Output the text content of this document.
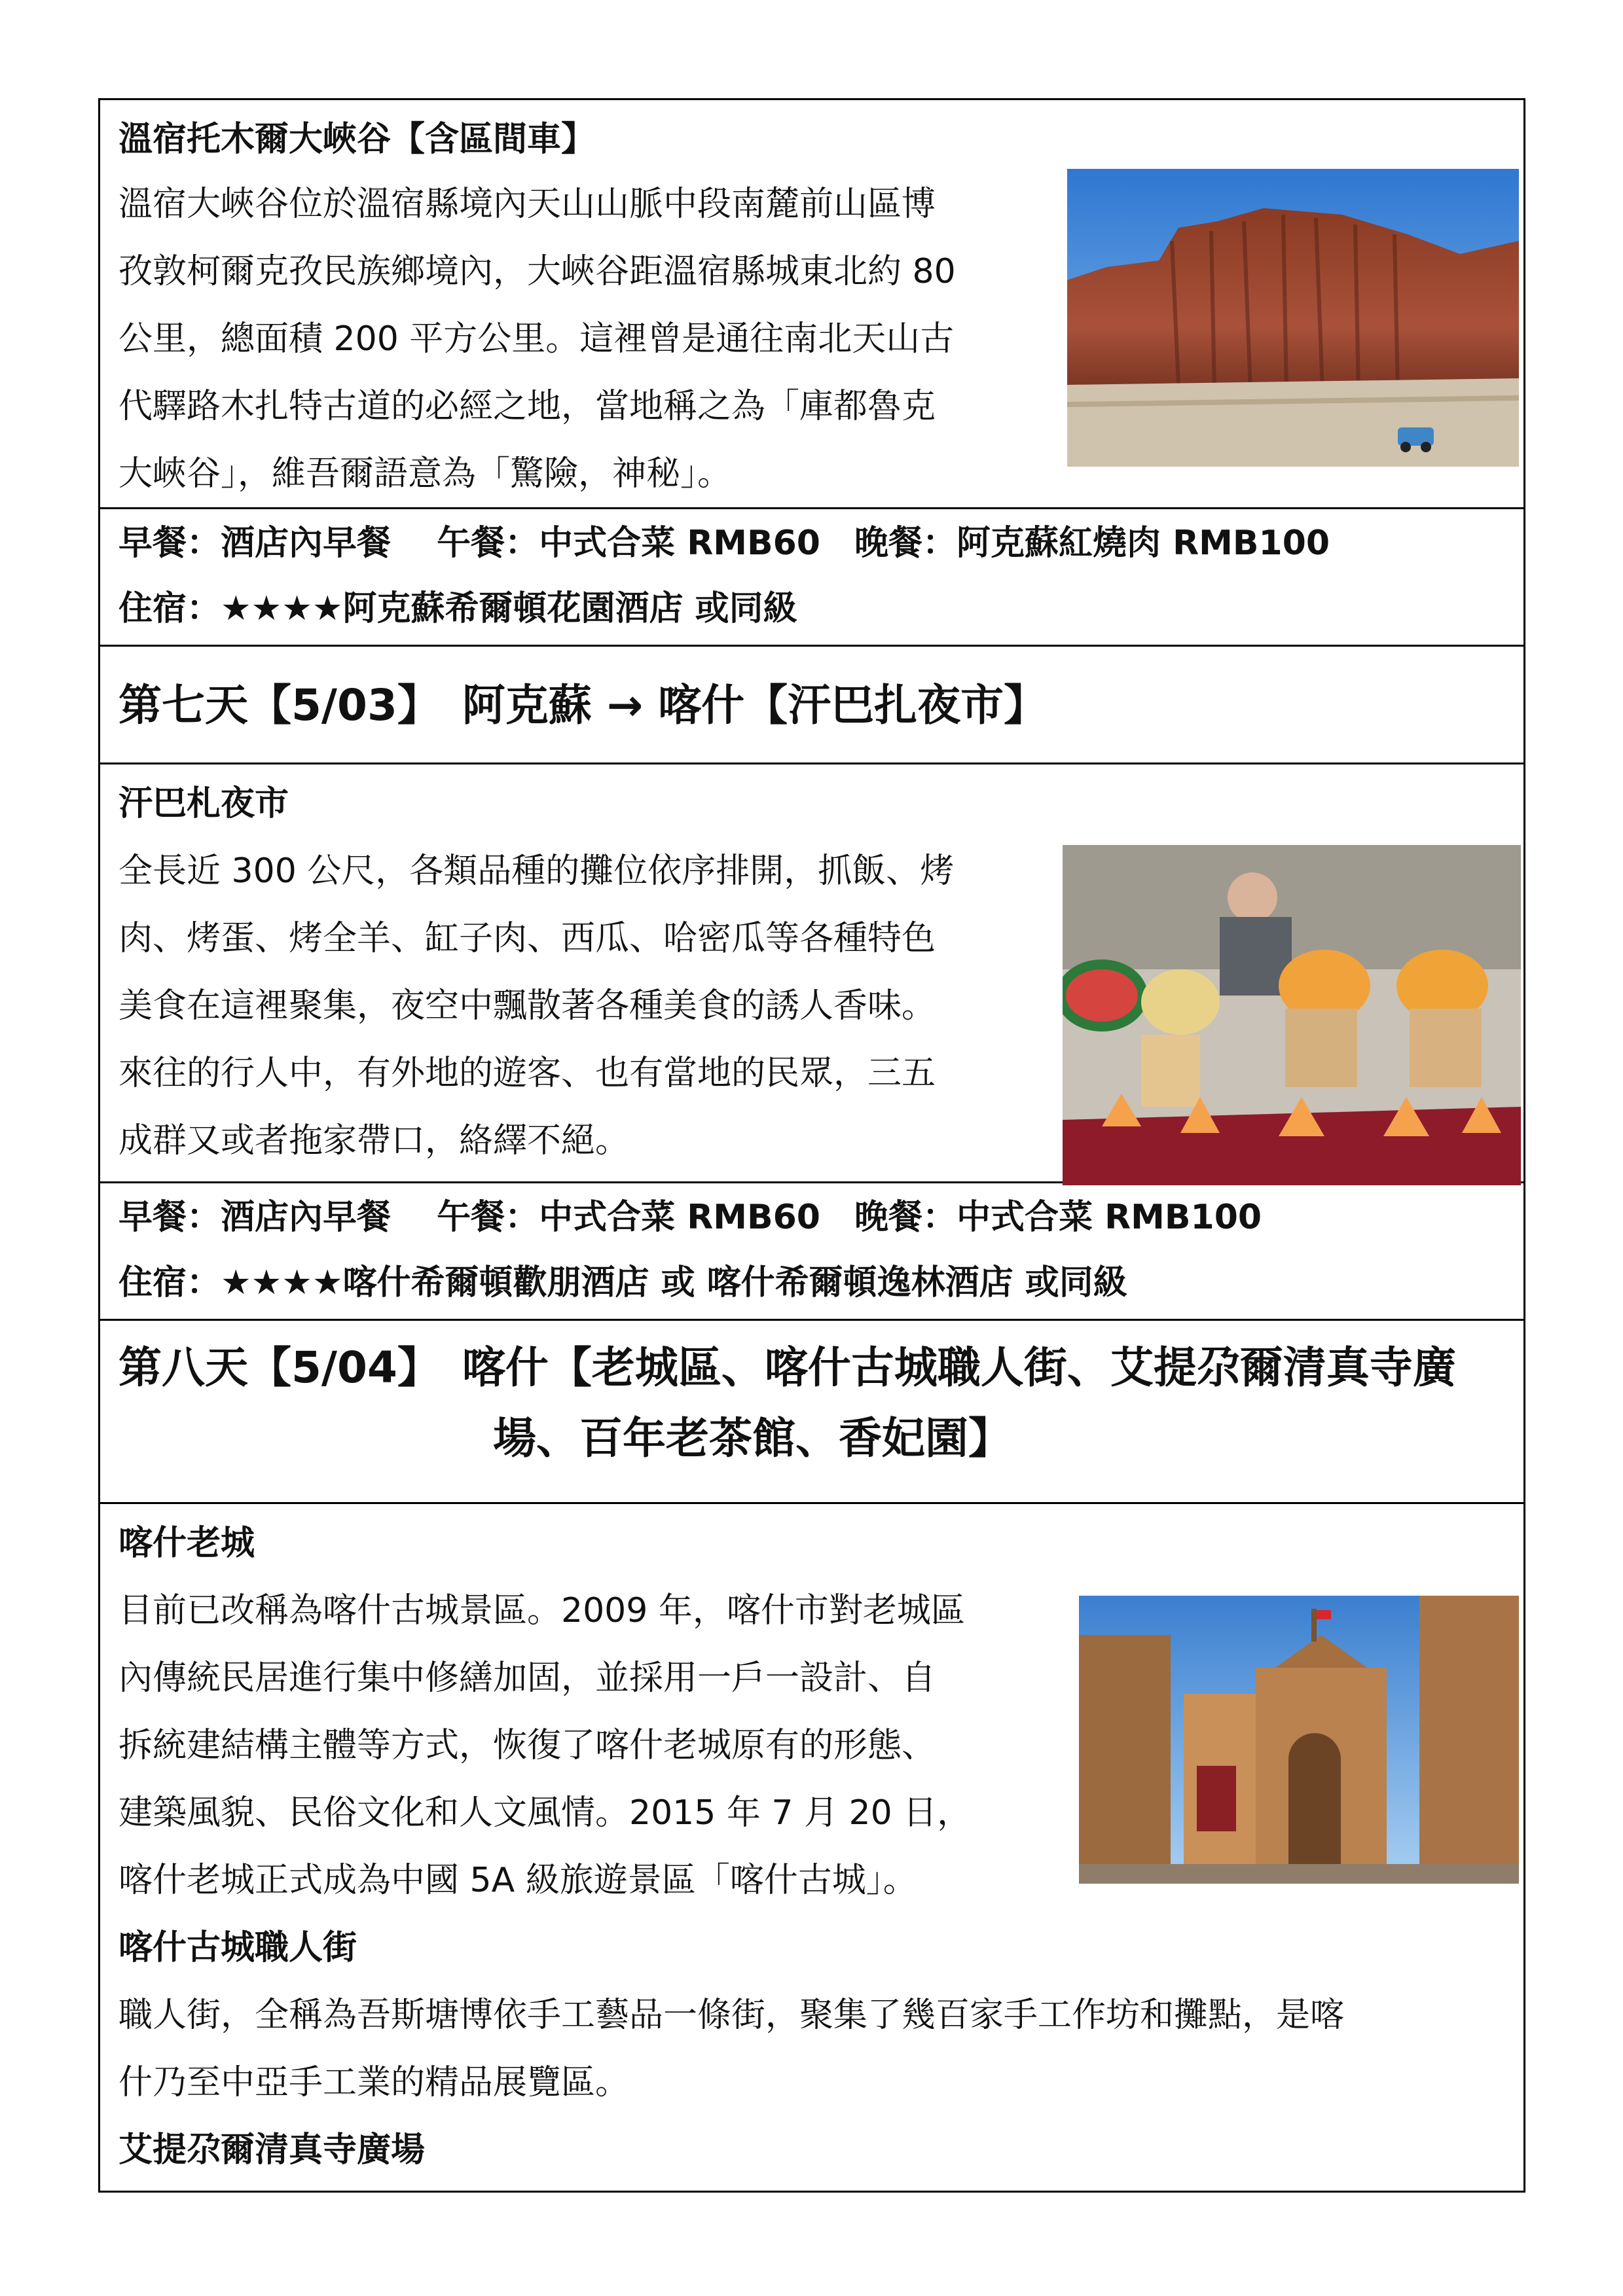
溫宿托木爾大峽谷【含區間車】
溫宿大峽谷位於溫宿縣境內天山山脈中段南麓前山區博
孜敦柯爾克孜民族鄉境內，大峽谷距溫宿縣城東北約 80
公里，總面積 200 平方公里。這裡曾是通往南北天山古
代驛路木扎特古道的必經之地，當地稱之為「庫都魯克
大峽谷」，維吾爾語意為「驚險，神秘」。
早餐：酒店內早餐　 午餐：中式合菜 RMB60　晚餐：阿克蘇紅燒肉 RMB100
住宿：★★★★阿克蘇希爾頓花園酒店 或同級
第七天【5/03】　阿克蘇 → 喀什【汗巴扎夜市】
汗巴札夜市
全長近 300 公尺，各類品種的攤位依序排開，抓飯、烤
肉、烤蛋、烤全羊、缸子肉、西瓜、哈密瓜等各種特色
美食在這裡聚集，夜空中飄散著各種美食的誘人香味。
來往的行人中，有外地的遊客、也有當地的民眾，三五
成群又或者拖家帶口，絡繹不絕。
早餐：酒店內早餐　 午餐：中式合菜 RMB60　晚餐：中式合菜 RMB100
住宿：★★★★喀什希爾頓歡朋酒店 或 喀什希爾頓逸林酒店 或同級
第八天【5/04】　喀什【老城區、喀什古城職人街、艾提尕爾清真寺廣
場、百年老茶館、香妃園】
喀什老城
目前已改稱為喀什古城景區。2009 年，喀什市對老城區
內傳統民居進行集中修繕加固，並採用一戶一設計、自
拆統建結構主體等方式，恢復了喀什老城原有的形態、
建築風貌、民俗文化和人文風情。2015 年 7 月 20 日，
喀什老城正式成為中國 5A 級旅遊景區「喀什古城」。
喀什古城職人街
職人街，全稱為吾斯塘博依手工藝品一條街，聚集了幾百家手工作坊和攤點，是喀
什乃至中亞手工業的精品展覽區。
艾提尕爾清真寺廣場
